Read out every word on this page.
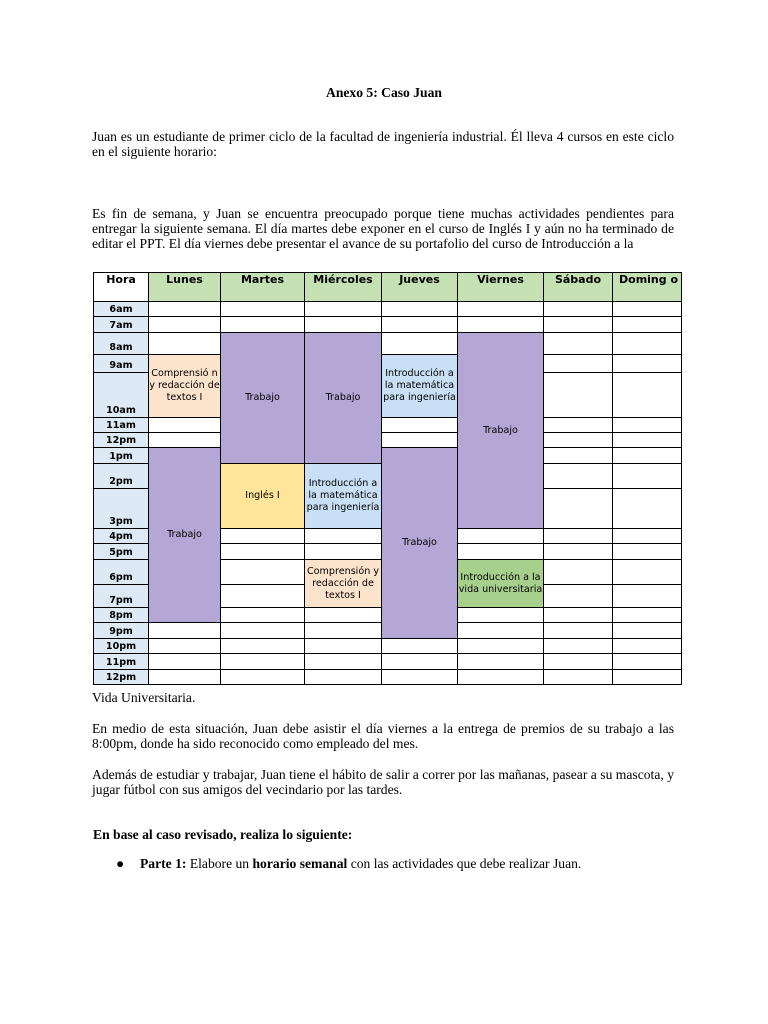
Anexo 5: Caso Juan
Juan es un estudiante de primer ciclo de la facultad de ingeniería industrial. Él lleva 4 cursos en este ciclo en el siguiente horario:
Es fin de semana, y Juan se encuentra preocupado porque tiene muchas actividades pendientes para entregar la siguiente semana. El día martes debe exponer en el curso de Inglés I y aún no ha terminado de editar el PPT. El día viernes debe presentar el avance de su portafolio del curso de Introducción a la
Hora	Lunes	Martes	Miércoles	Jueves	Viernes	Sábado	Doming o	
6am								
7am								
8am		Trabajo	Trabajo		Trabajo			
9am	Comprensió n y redacción de textos I			Introducción a la matemática para ingeniería				
10am								
11am								
12pm								
1pm	Trabajo			Trabajo				
2pm		Inglés I	Introducción a la matemática para ingeniería					
3pm								
4pm								
5pm								
6pm			Comprensión y redacción de textos I		Introducción a la vida universitaria			
7pm								
8pm								
9pm								
10pm								
11pm								
12pm								
Vida Universitaria.
En medio de esta situación, Juan debe asistir el día viernes a la entrega de premios de su trabajo a las 8:00pm, donde ha sido reconocido como empleado del mes.
Además de estudiar y trabajar, Juan tiene el hábito de salir a correr por las mañanas, pasear a su mascota, y jugar fútbol con sus amigos del vecindario por las tardes.
En base al caso revisado, realiza lo siguiente:
● Parte 1: Elabore un horario semanal con las actividades que debe realizar Juan.
